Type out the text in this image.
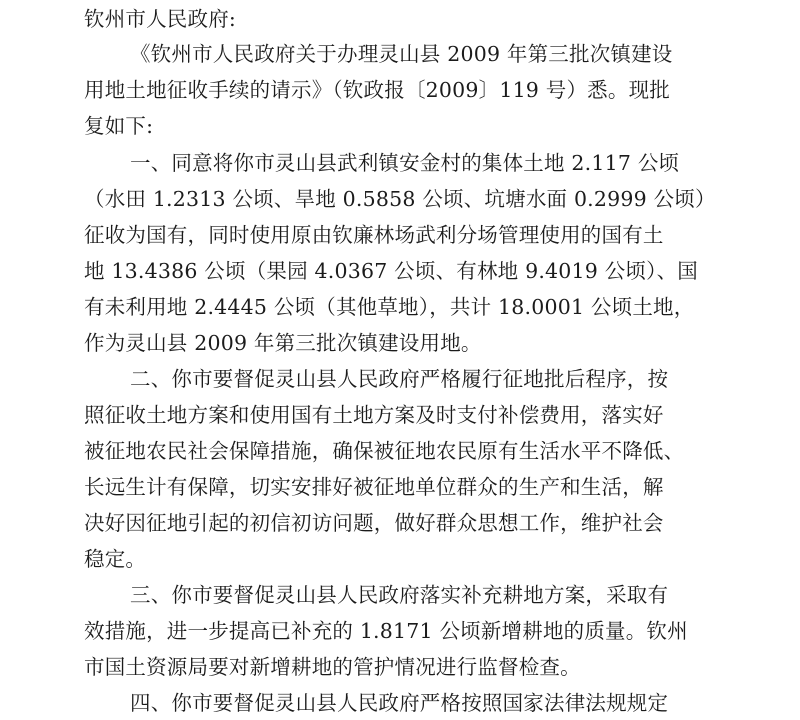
钦州市人民政府:
《钦州市人民政府关于办理灵山县 2009 年第三批次镇建设
用地土地征收手续的请示》（钦政报〔2009〕119 号）悉。现批
复如下:
一、同意将你市灵山县武利镇安金村的集体土地 2.117 公顷
（水田 1.2313 公顷、旱地 0.5858 公顷、坑塘水面 0.2999 公顷）
征收为国有，同时使用原由钦廉林场武利分场管理使用的国有土
地 13.4386 公顷（果园 4.0367 公顷、有林地 9.4019 公顷）、国
有未利用地 2.4445 公顷（其他草地），共计 18.0001 公顷土地，
作为灵山县 2009 年第三批次镇建设用地。
二、你市要督促灵山县人民政府严格履行征地批后程序，按
照征收土地方案和使用国有土地方案及时支付补偿费用，落实好
被征地农民社会保障措施，确保被征地农民原有生活水平不降低、
长远生计有保障，切实安排好被征地单位群众的生产和生活，解
决好因征地引起的初信初访问题，做好群众思想工作，维护社会
稳定。
三、你市要督促灵山县人民政府落实补充耕地方案，采取有
效措施，进一步提高已补充的 1.8171 公顷新增耕地的质量。钦州
市国土资源局要对新增耕地的管护情况进行监督检查。
四、你市要督促灵山县人民政府严格按照国家法律法规规定
